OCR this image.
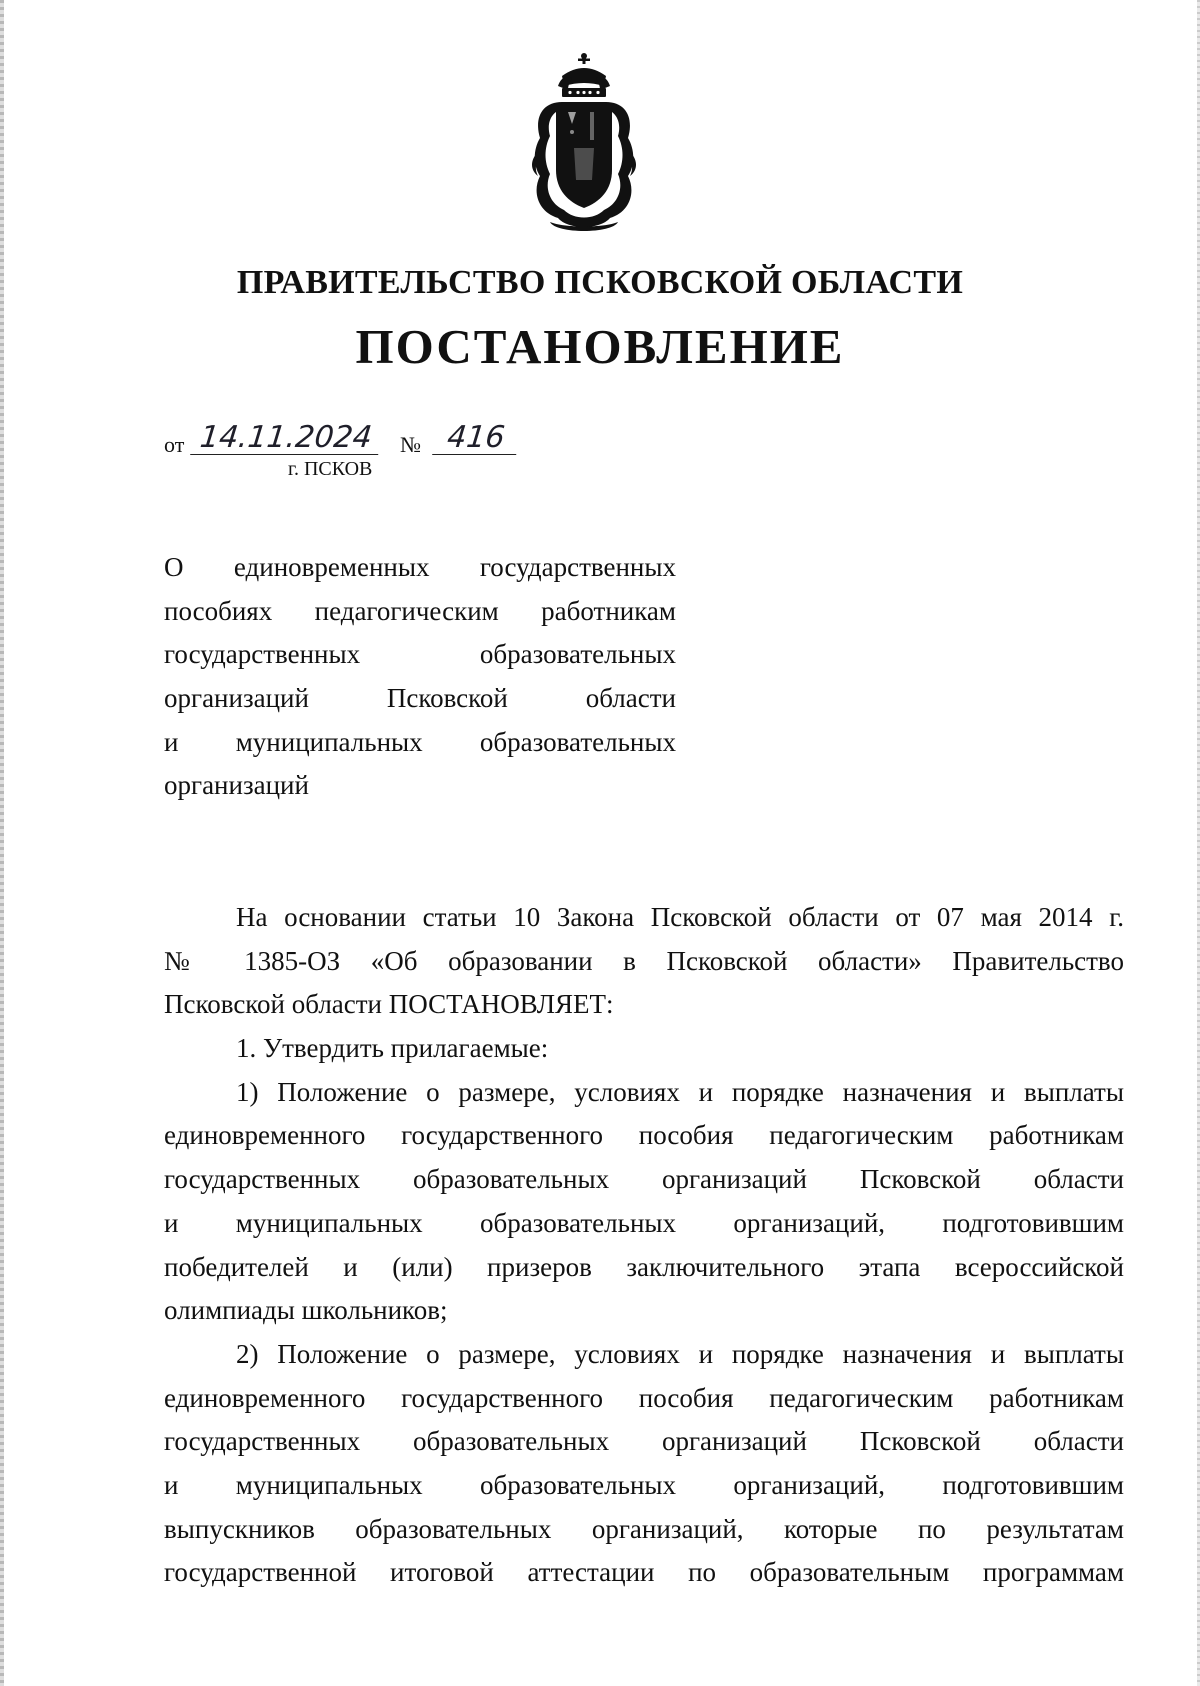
ПРАВИТЕЛЬСТВО ПСКОВСКОЙ ОБЛАСТИ
ПОСТАНОВЛЕНИЕ
от 14.11.2024	№ 416
г. ПСКОВ
О единовременных государственных
пособиях педагогическим работникам
государственных образовательных
организаций Псковской области
и муниципальных образовательных
организаций
На основании статьи 10 Закона Псковской области от 07 мая 2014 г.
№ 1385-ОЗ «Об образовании в Псковской области» Правительство
Псковской области ПОСТАНОВЛЯЕТ:
1. Утвердить прилагаемые:
1) Положение о размере, условиях и порядке назначения и выплаты
единовременного государственного пособия педагогическим работникам
государственных образовательных организаций Псковской области
и муниципальных образовательных организаций, подготовившим
победителей и (или) призеров заключительного этапа всероссийской
олимпиады школьников;
2) Положение о размере, условиях и порядке назначения и выплаты
единовременного государственного пособия педагогическим работникам
государственных образовательных организаций Псковской области
и муниципальных образовательных организаций, подготовившим
выпускников образовательных организаций, которые по результатам
государственной итоговой аттестации по образовательным программам
